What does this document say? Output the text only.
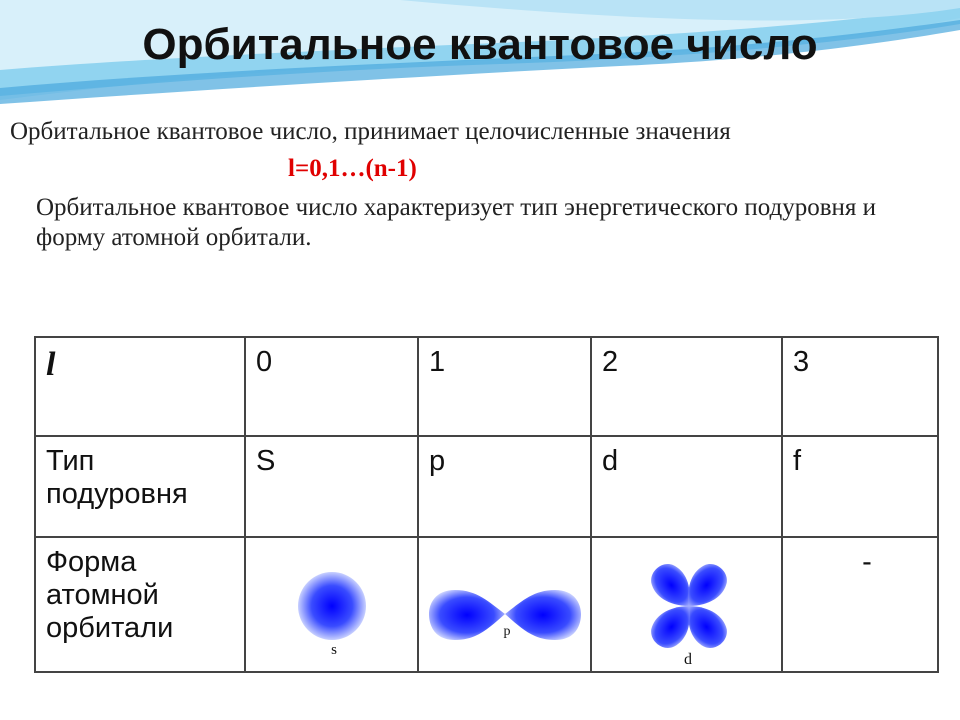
Орбитальное квантовое число
Орбитальное квантовое число, принимает целочисленные значения
l=0,1…(n-1)
Орбитальное квантовое число характеризует тип энергетического подуровня и форму атомной орбитали.
l	0	1	2	3
Тип подуровня	S	p	d	f
Форма атомной орбитали	s	p	d	-
